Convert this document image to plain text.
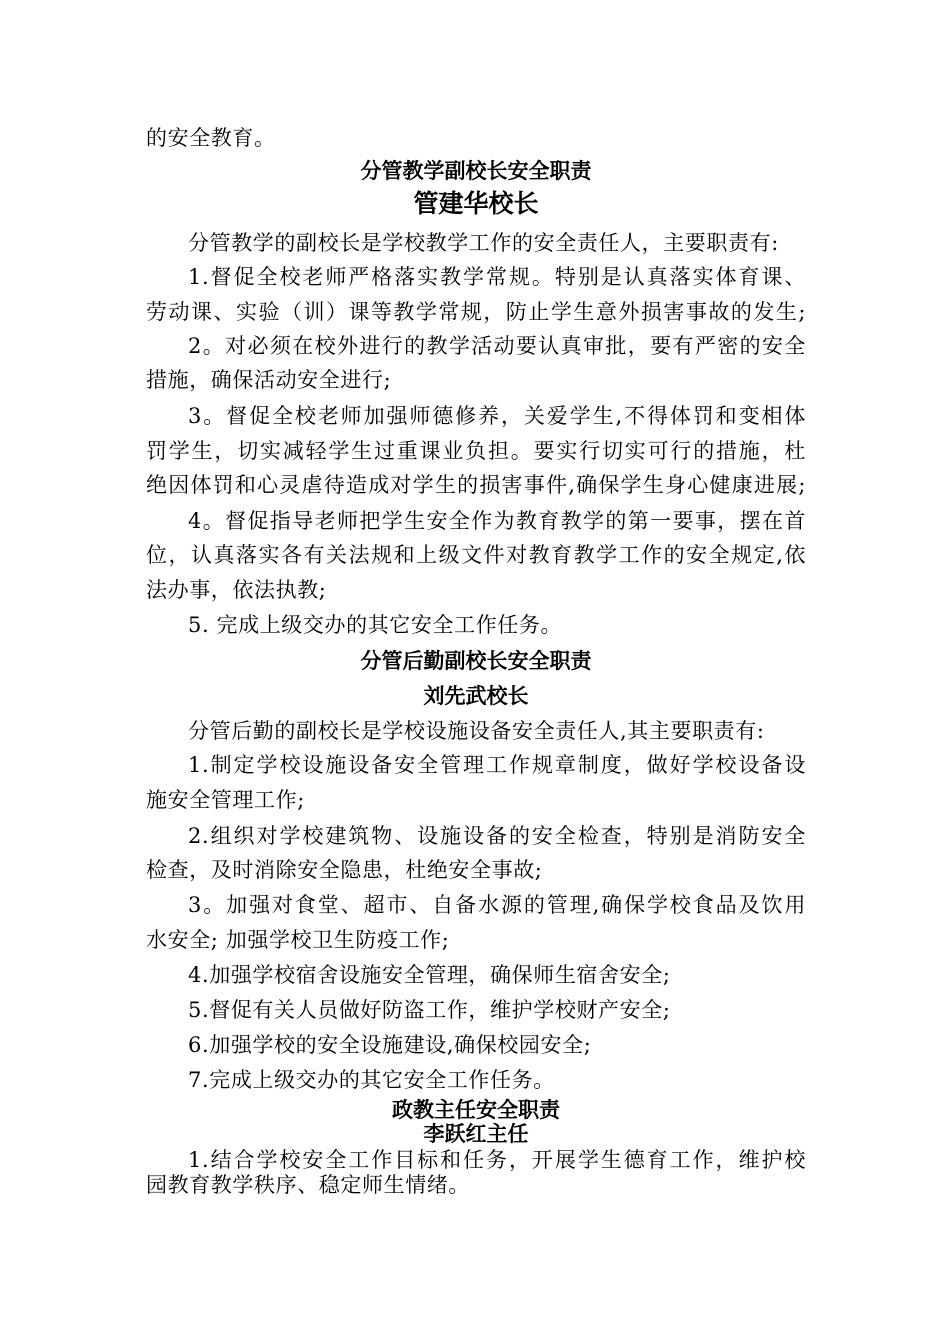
的安全教育。
分管教学副校长安全职责
管建华校长
分管教学的副校长是学校教学工作的安全责任人，主要职责有:
1.督促全校老师严格落实教学常规。特别是认真落实体育课、
劳动课、实验（训）课等教学常规，防止学生意外损害事故的发生;
2。对必须在校外进行的教学活动要认真审批，要有严密的安全
措施，确保活动安全进行;
3。督促全校老师加强师德修养，关爱学生,不得体罚和变相体
罚学生，切实减轻学生过重课业负担。要实行切实可行的措施，杜
绝因体罚和心灵虐待造成对学生的损害事件,确保学生身心健康进展;
4。督促指导老师把学生安全作为教育教学的第一要事，摆在首
位，认真落实各有关法规和上级文件对教育教学工作的安全规定,依
法办事，依法执教;
5. 完成上级交办的其它安全工作任务。
分管后勤副校长安全职责
刘先武校长
分管后勤的副校长是学校设施设备安全责任人,其主要职责有:
1.制定学校设施设备安全管理工作规章制度，做好学校设备设
施安全管理工作;
2.组织对学校建筑物、设施设备的安全检查，特别是消防安全
检查，及时消除安全隐患，杜绝安全事故;
3。加强对食堂、超市、自备水源的管理,确保学校食品及饮用
水安全; 加强学校卫生防疫工作;
4.加强学校宿舍设施安全管理，确保师生宿舍安全;
5.督促有关人员做好防盗工作，维护学校财产安全;
6.加强学校的安全设施建设,确保校园安全;
7.完成上级交办的其它安全工作任务。
政教主任安全职责
李跃红主任
1.结合学校安全工作目标和任务，开展学生德育工作，维护校
园教育教学秩序、稳定师生情绪。
